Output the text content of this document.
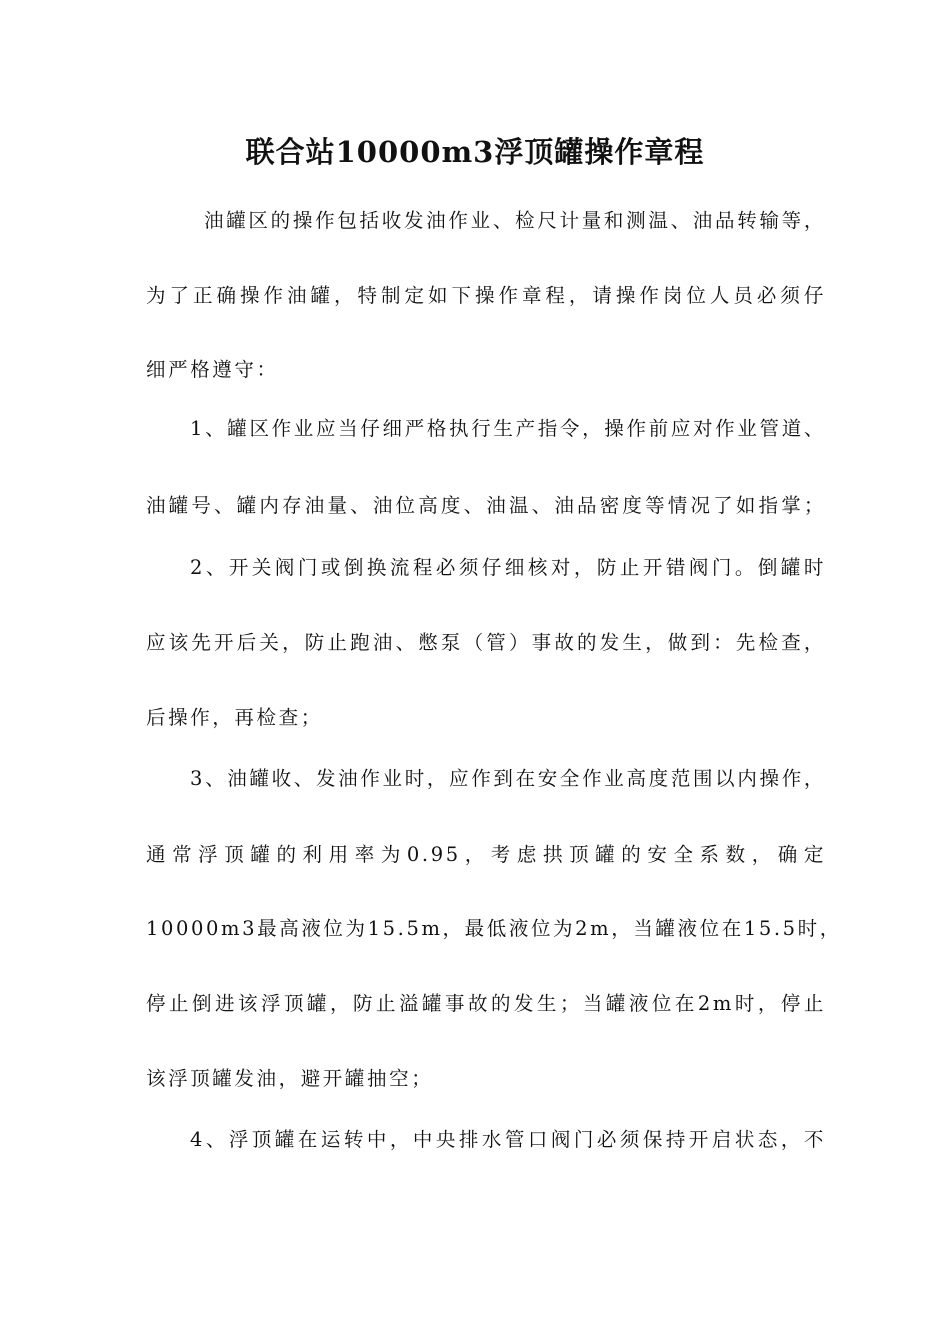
联合站10000m3浮顶罐操作章程
油罐区的操作包括收发油作业、检尺计量和测温、油品转输等，
为了正确操作油罐，特制定如下操作章程，请操作岗位人员必须仔
细严格遵守：
1、罐区作业应当仔细严格执行生产指令，操作前应对作业管道、
油罐号、罐内存油量、油位高度、油温、油品密度等情况了如指掌；
2、开关阀门或倒换流程必须仔细核对，防止开错阀门。倒罐时
应该先开后关，防止跑油、憋泵（管）事故的发生，做到：先检查，
后操作，再检查；
3、油罐收、发油作业时，应作到在安全作业高度范围以内操作，
通常浮顶罐的利用率为0.95，考虑拱顶罐的安全系数，确定
10000m3最高液位为15.5m，最低液位为2m，当罐液位在15.5时，
停止倒进该浮顶罐，防止溢罐事故的发生；当罐液位在2m时，停止
该浮顶罐发油，避开罐抽空；
4、浮顶罐在运转中，中央排水管口阀门必须保持开启状态，不
